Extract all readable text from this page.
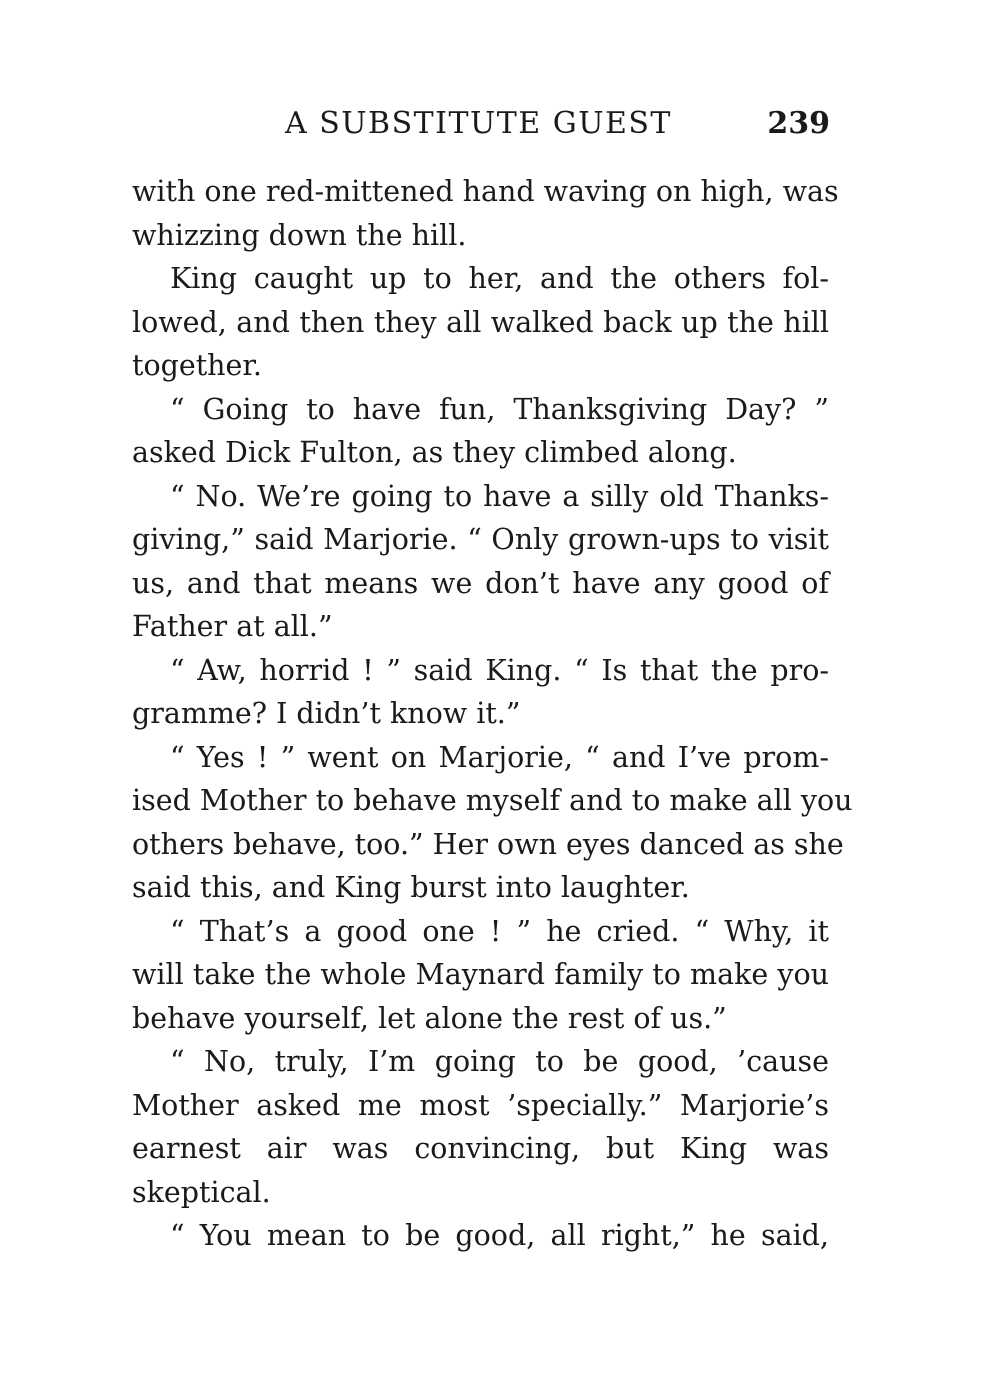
A SUBSTITUTE GUEST	239
with one red-mittened hand waving on high, was
whizzing down the hill.
King caught up to her, and the others fol-
lowed, and then they all walked back up the hill
together.
“ Going to have fun, Thanksgiving Day? ”
asked Dick Fulton, as they climbed along.
“ No. We’re going to have a silly old Thanks-
giving,” said Marjorie. “ Only grown-ups to visit
us, and that means we don’t have any good of
Father at all.”
“ Aw, horrid ! ” said King. “ Is that the pro-
gramme? I didn’t know it.”
“ Yes ! ” went on Marjorie, “ and I’ve prom-
ised Mother to behave myself and to make all you
others behave, too.” Her own eyes danced as she
said this, and King burst into laughter.
“ That’s a good one ! ” he cried. “ Why, it
will take the whole Maynard family to make you
behave yourself, let alone the rest of us.”
“ No, truly, I’m going to be good, ’cause
Mother asked me most ’specially.” Marjorie’s
earnest air was convincing, but King was
skeptical.
“ You mean to be good, all right,” he said,
